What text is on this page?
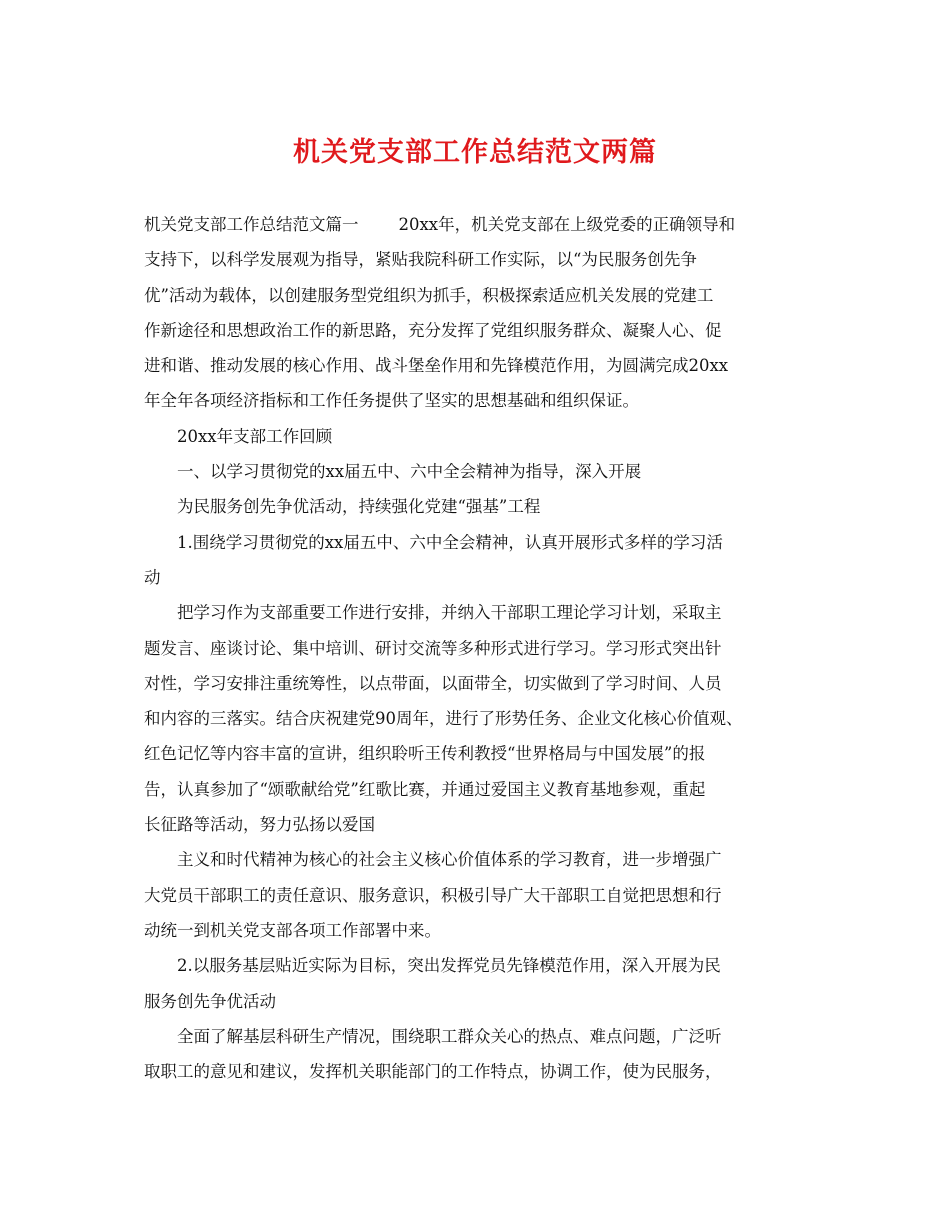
机关党支部工作总结范文两篇
机关党支部工作总结范文篇一 20xx年，机关党支部在上级党委的正确领导和
支持下，以科学发展观为指导，紧贴我院科研工作实际，以“为民服务创先争
优”活动为载体，以创建服务型党组织为抓手，积极探索适应机关发展的党建工
作新途径和思想政治工作的新思路，充分发挥了党组织服务群众、凝聚人心、促
进和谐、推动发展的核心作用、战斗堡垒作用和先锋模范作用，为圆满完成20xx
年全年各项经济指标和工作任务提供了坚实的思想基础和组织保证。
20xx年支部工作回顾
一、以学习贯彻党的xx届五中、六中全会精神为指导，深入开展
为民服务创先争优活动，持续强化党建“强基”工程
1.围绕学习贯彻党的xx届五中、六中全会精神，认真开展形式多样的学习活
动
把学习作为支部重要工作进行安排，并纳入干部职工理论学习计划，采取主
题发言、座谈讨论、集中培训、研讨交流等多种形式进行学习。学习形式突出针
对性，学习安排注重统筹性，以点带面，以面带全，切实做到了学习时间、人员
和内容的三落实。结合庆祝建党90周年，进行了形势任务、企业文化核心价值观、
红色记忆等内容丰富的宣讲，组织聆听王传利教授“世界格局与中国发展”的报
告，认真参加了“颂歌献给党”红歌比赛，并通过爱国主义教育基地参观，重起
长征路等活动，努力弘扬以爱国
主义和时代精神为核心的社会主义核心价值体系的学习教育，进一步增强广
大党员干部职工的责任意识、服务意识，积极引导广大干部职工自觉把思想和行
动统一到机关党支部各项工作部署中来。
2.以服务基层贴近实际为目标，突出发挥党员先锋模范作用，深入开展为民
服务创先争优活动
全面了解基层科研生产情况，围绕职工群众关心的热点、难点问题，广泛听
取职工的意见和建议，发挥机关职能部门的工作特点，协调工作，使为民服务，
